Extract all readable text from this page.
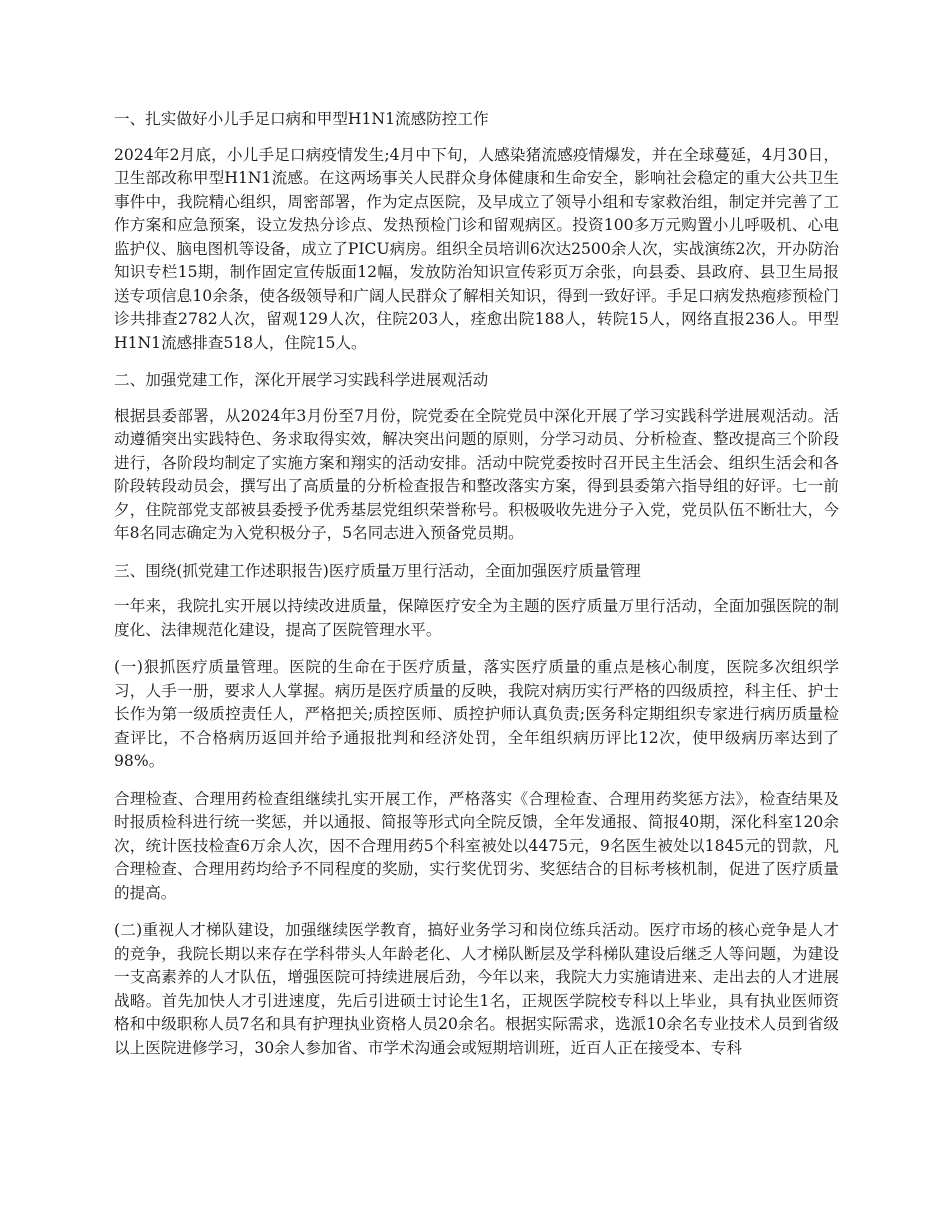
一、扎实做好小儿手足口病和甲型H1N1流感防控工作

2024年2月底，小儿手足口病疫情发生;4月中下旬，人感染猪流感疫情爆发，并在全球蔓延，4月30日，卫生部改称甲型H1N1流感。在这两场事关人民群众身体健康和生命安全，影响社会稳定的重大公共卫生事件中，我院精心组织，周密部署，作为定点医院，及早成立了领导小组和专家救治组，制定并完善了工作方案和应急预案，设立发热分诊点、发热预检门诊和留观病区。投资100多万元购置小儿呼吸机、心电监护仪、脑电图机等设备，成立了PICU病房。组织全员培训6次达2500余人次，实战演练2次，开办防治知识专栏15期，制作固定宣传版面12幅，发放防治知识宣传彩页万余张，向县委、县政府、县卫生局报送专项信息10余条，使各级领导和广阔人民群众了解相关知识，得到一致好评。手足口病发热疱疹预检门诊共排查2782人次，留观129人次，住院203人，痊愈出院188人，转院15人，网络直报236人。甲型H1N1流感排查518人，住院15人。

二、加强党建工作，深化开展学习实践科学进展观活动

根据县委部署，从2024年3月份至7月份，院党委在全院党员中深化开展了学习实践科学进展观活动。活动遵循突出实践特色、务求取得实效，解决突出问题的原则，分学习动员、分析检查、整改提高三个阶段进行，各阶段均制定了实施方案和翔实的活动安排。活动中院党委按时召开民主生活会、组织生活会和各阶段转段动员会，撰写出了高质量的分析检查报告和整改落实方案，得到县委第六指导组的好评。七一前夕，住院部党支部被县委授予优秀基层党组织荣誉称号。积极吸收先进分子入党，党员队伍不断壮大，今年8名同志确定为入党积极分子，5名同志进入预备党员期。

三、围绕(抓党建工作述职报告)医疗质量万里行活动，全面加强医疗质量管理

一年来，我院扎实开展以持续改进质量，保障医疗安全为主题的医疗质量万里行活动，全面加强医院的制度化、法律规范化建设，提高了医院管理水平。

(一)狠抓医疗质量管理。医院的生命在于医疗质量，落实医疗质量的重点是核心制度，医院多次组织学习，人手一册，要求人人掌握。病历是医疗质量的反映，我院对病历实行严格的四级质控，科主任、护士长作为第一级质控责任人，严格把关;质控医师、质控护师认真负责;医务科定期组织专家进行病历质量检查评比，不合格病历返回并给予通报批判和经济处罚，全年组织病历评比12次，使甲级病历率达到了98%。

合理检查、合理用药检查组继续扎实开展工作，严格落实《合理检查、合理用药奖惩方法》，检查结果及时报质检科进行统一奖惩，并以通报、简报等形式向全院反馈，全年发通报、简报40期，深化科室120余次，统计医技检查6万余人次，因不合理用药5个科室被处以4475元，9名医生被处以1845元的罚款，凡合理检查、合理用药均给予不同程度的奖励，实行奖优罚劣、奖惩结合的目标考核机制，促进了医疗质量的提高。

(二)重视人才梯队建设，加强继续医学教育，搞好业务学习和岗位练兵活动。医疗市场的核心竞争是人才的竞争，我院长期以来存在学科带头人年龄老化、人才梯队断层及学科梯队建设后继乏人等问题，为建设一支高素养的人才队伍，增强医院可持续进展后劲，今年以来，我院大力实施请进来、走出去的人才进展战略。首先加快人才引进速度，先后引进硕士讨论生1名，正规医学院校专科以上毕业，具有执业医师资格和中级职称人员7名和具有护理执业资格人员20余名。根据实际需求，选派10余名专业技术人员到省级以上医院进修学习，30余人参加省、市学术沟通会或短期培训班，近百人正在接受本、专科
